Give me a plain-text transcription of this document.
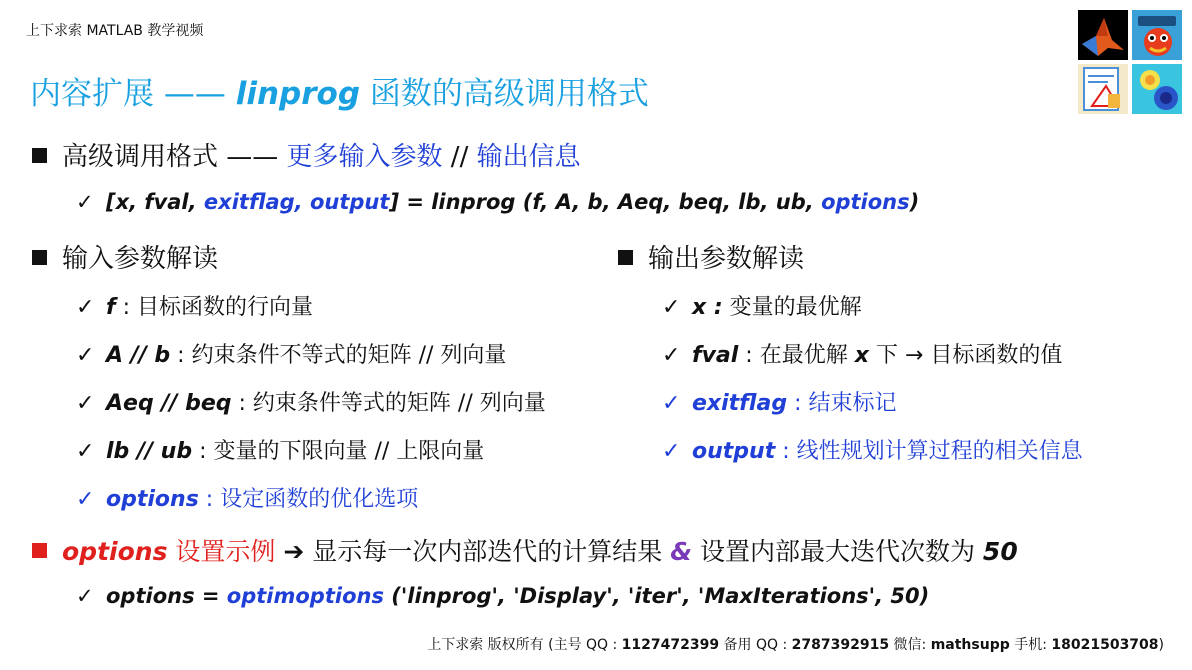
上下求索 MATLAB 教学视频
内容扩展 —— linprog 函数的高级调用格式
高级调用格式 —— 更多输入参数 // 输出信息
✓ [x, fval, exitflag, output] = linprog (f, A, b, Aeq, beq, lb, ub, options)
输入参数解读
✓ f : 目标函数的行向量
✓ A // b : 约束条件不等式的矩阵 // 列向量
✓ Aeq // beq : 约束条件等式的矩阵 // 列向量
✓ lb // ub : 变量的下限向量 // 上限向量
✓ options : 设定函数的优化选项
输出参数解读
✓ x : 变量的最优解
✓ fval : 在最优解 x 下 → 目标函数的值
✓ exitflag : 结束标记
✓ output : 线性规划计算过程的相关信息
options 设置示例 ➔ 显示每一次内部迭代的计算结果 & 设置内部最大迭代次数为 50
✓ options = optimoptions ('linprog', 'Display', 'iter', 'MaxIterations', 50)
上下求索 版权所有 (主号 QQ : 1127472399 备用 QQ : 2787392915 微信: mathsupp 手机: 18021503708)
